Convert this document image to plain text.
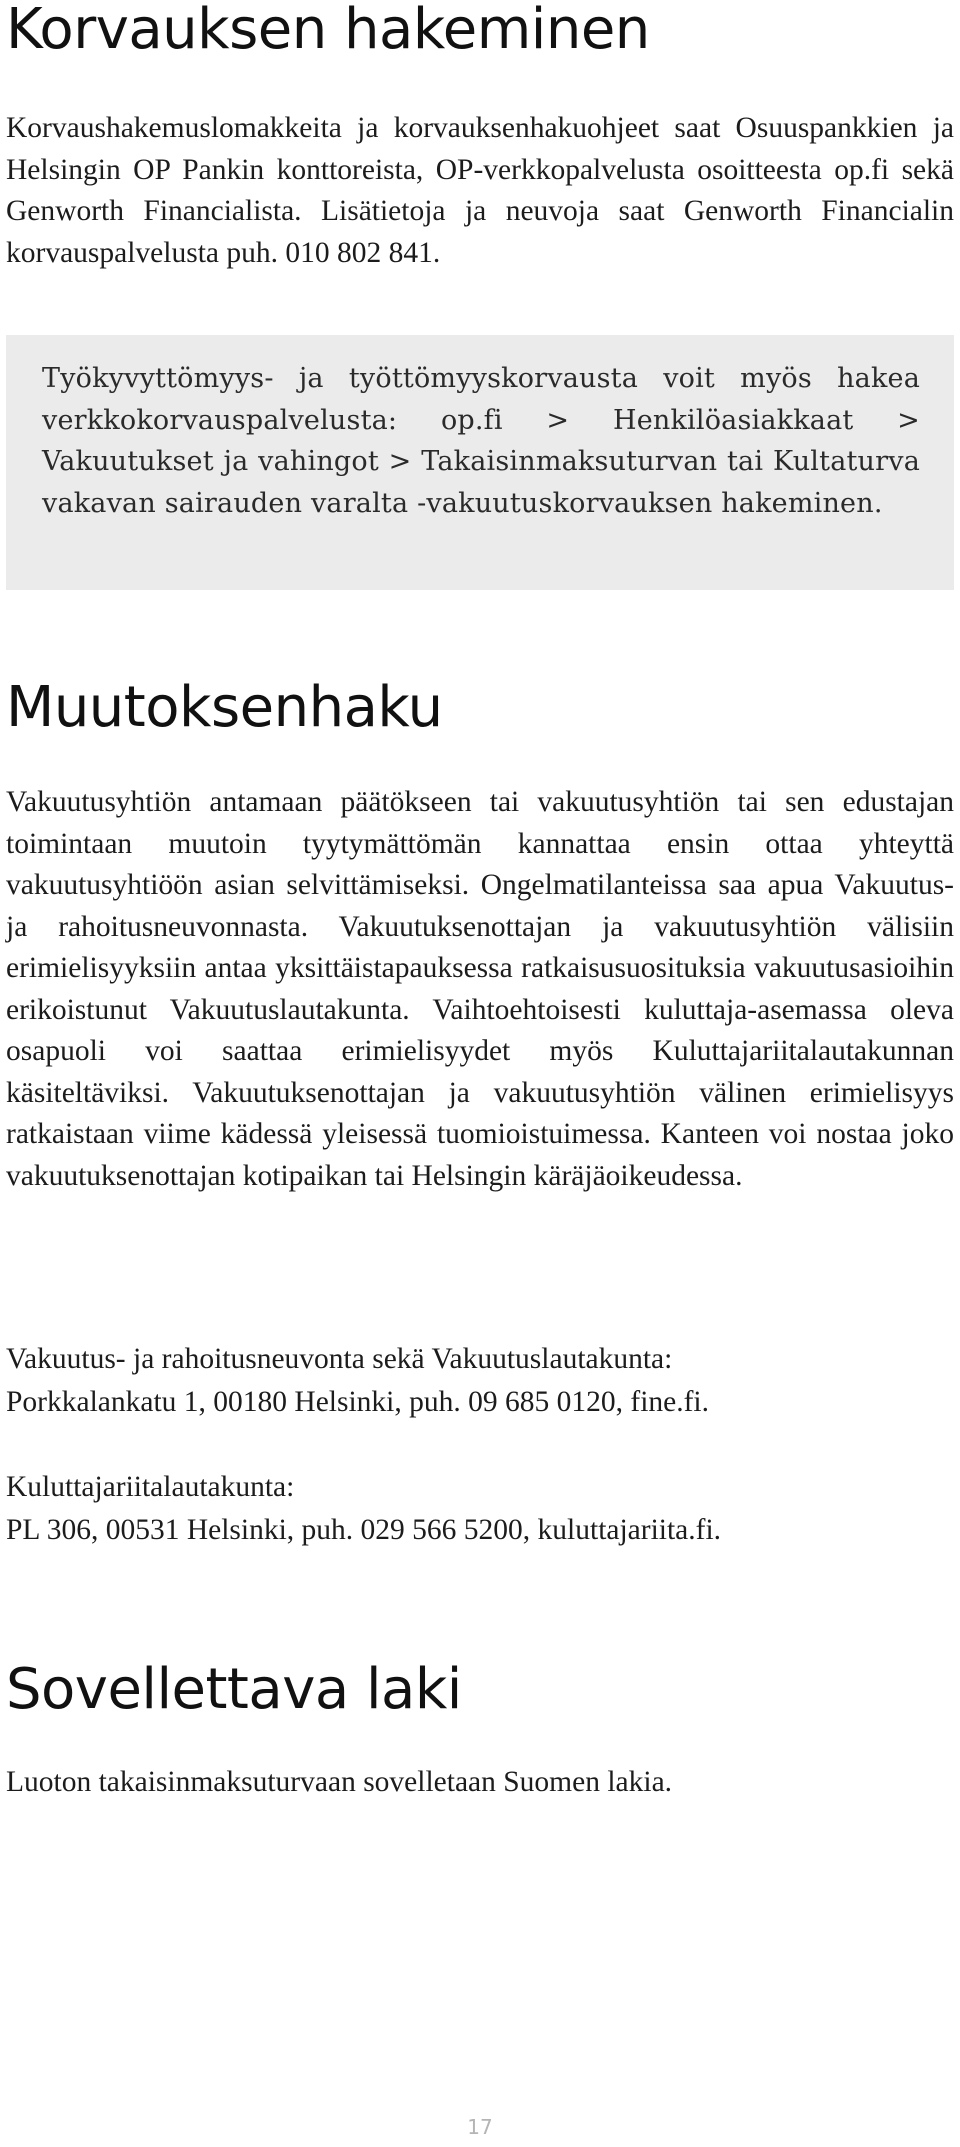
Korvauksen hakeminen

Korvaushakemuslomakkeita ja korvauksenhakuohjeet saat Osuuspankkien ja Helsingin OP Pankin konttoreista, OP-verkkopalvelusta osoitteesta op.fi sekä Genworth Financialista. Lisätietoja ja neuvoja saat Genworth Financialin korvauspalvelusta puh. 010 802 841.

Työkyvyttömyys- ja työttömyyskorvausta voit myös hakea verkkokorvauspalvelusta: op.fi > Henkilöasiakkaat > Vakuutukset ja vahingot > Takaisinmaksuturvan tai Kultaturva vakavan sairauden varalta -vakuutuskorvauksen hakeminen.

Muutoksenhaku

Vakuutusyhtiön antamaan päätökseen tai vakuutusyhtiön tai sen edustajan toimintaan muutoin tyytymättömän kannattaa ensin ottaa yhteyttä vakuutusyhtiöön asian selvittämiseksi. Ongelmatilanteissa saa apua Vakuutus- ja rahoitusneuvonnasta. Vakuutuksenottajan ja vakuutusyhtiön välisiin erimielisyyksiin antaa yksittäistapauksessa ratkaisusuosituksia vakuutusasioihin erikoistunut Vakuutuslautakunta. Vaihtoehtoisesti kuluttaja-asemassa oleva osapuoli voi saattaa erimielisyydet myös Kuluttajariitalautakunnan käsiteltäviksi. Vakuutuksenottajan ja vakuutusyhtiön välinen erimielisyys ratkaistaan viime kädessä yleisessä tuomioistuimessa. Kanteen voi nostaa joko vakuutuksenottajan kotipaikan tai Helsingin käräjäoikeudessa.

Vakuutus- ja rahoitusneuvonta sekä Vakuutuslautakunta:
Porkkalankatu 1, 00180 Helsinki, puh. 09 685 0120, fine.fi.
Kuluttajariitalautakunta:
PL 306, 00531 Helsinki, puh. 029 566 5200, kuluttajariita.fi.
Sovellettava laki

Luoton takaisinmaksuturvaan sovelletaan Suomen lakia.

17
